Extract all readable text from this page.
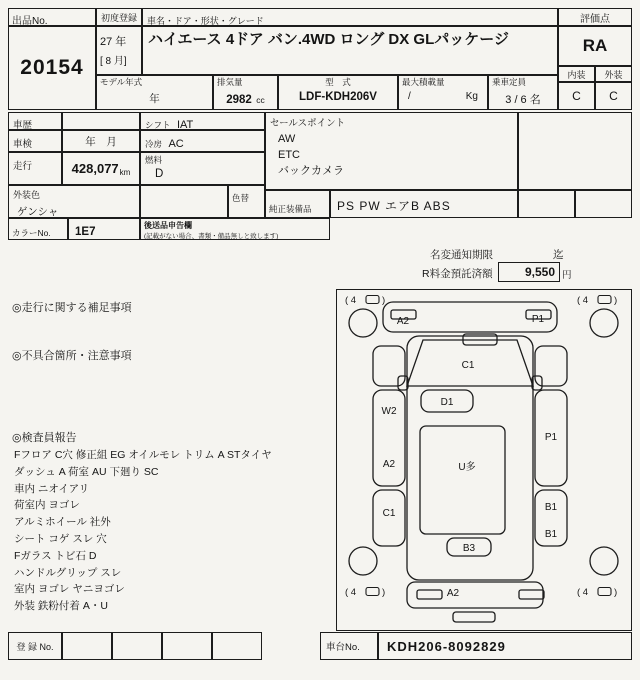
出品No.
20154
初度登録
27 年
[ 8 月]
車名・ドア・形状・グレード
ハイエース 4ドア バン.4WD ロング DX GLパッケージ
評価点
RA
内装 外装
C C
モデル年式
年
排気量
2982 cc
型　式
LDF-KDH206V
最大積載量
/	Kg
乗車定員
3 / 6 名
車歴	シフト IAT
車検	年　月	冷房 AC
走行	428,077 km
燃料
D
外装色
ゲンシャ
色替
カラーNo.	1E7
後送品申告欄
(記載がない場合、書類・備品無しと致します)
セールスポイント
AW
ETC
バックカメラ
純正装備品	PS PW エアB ABS
名変通知期限	迄
R料金預託済額	9,550 円
◎走行に関する補足事項
◎不具合箇所・注意事項
◎検査員報告
Fフロア C穴 修正組 EG オイルモレ トリム A STタイヤ
ダッシュ A 荷室 AU 下廻り SC
車内 ニオイアリ
荷室内 ヨゴレ
アルミホイール 社外
シート コゲ スレ 穴
Fガラス トビ石 D
ハンドルグリップ スレ
室内 ヨゴレ ヤニヨゴレ
外装 鉄粉付着 A・U
( 4	)	( 4	)
( 4	)	( 4	)
A2	P1
C1
D1
W2
A2
C1
P1
B1
B1
U多
B3
A2
登 録 No.	車台No. KDH206-8092829
